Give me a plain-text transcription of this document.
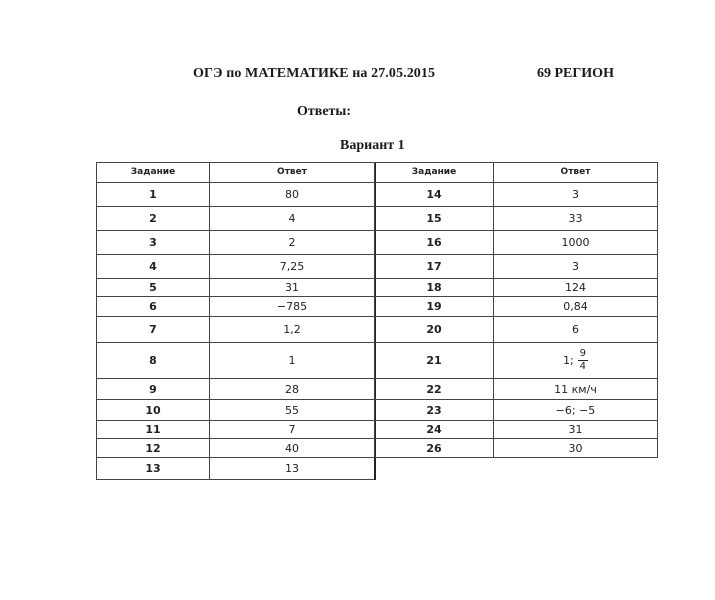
ОГЭ по МАТЕМАТИКЕ на 27.05.2015	69 РЕГИОН
Ответы:
Вариант 1
Задание	Ответ
1	80
2	4
3	2
4	7,25
5	31
6	−785
7	1,2
8	1
9	28
10	55
11	7
12	40
13	13
Задание	Ответ
14	3
15	33
16	1000
17	3
18	124
19	0,84
20	6
21	1; $\frac{9}{4}$

22	11 км/ч
23	−6; −5
24	31
26	30
